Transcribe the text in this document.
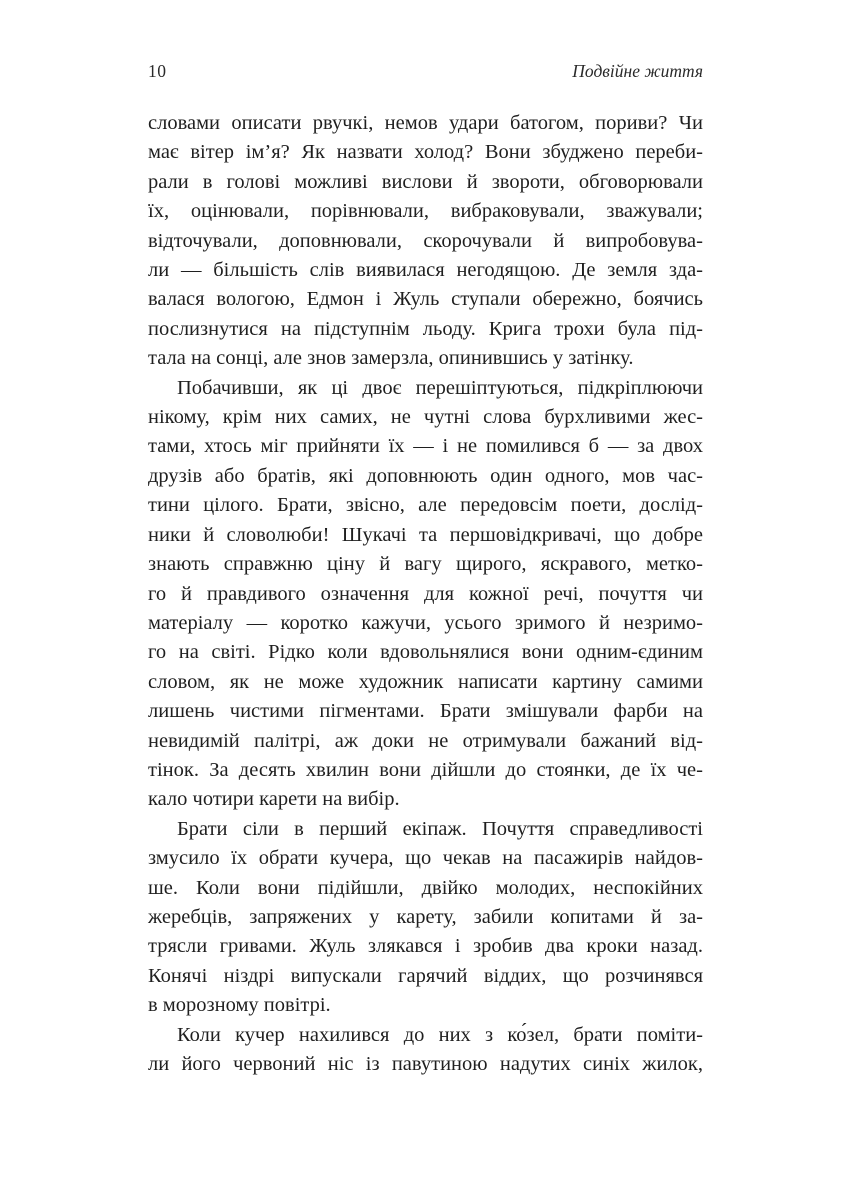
10	Подвійне життя
словами описати рвучкі, немов удари батогом, пориви? Чи
має вітер ім’я? Як назвати холод? Вони збуджено переби-
рали в голові можливі вислови й звороти, обговорювали
їх, оцінювали, порівнювали, вибраковували, зважували;
відточували, доповнювали, скорочували й випробовува-
ли — більшість слів виявилася негодящою. Де земля зда-
валася вологою, Едмон і Жуль ступали обережно, боячись
послизнутися на підступнім льоду. Крига трохи була під-
тала на сонці, але знов замерзла, опинившись у затінку.
Побачивши, як ці двоє перешіптуються, підкріплюючи
нікому, крім них самих, не чутні слова бурхливими жес-
тами, хтось міг прийняти їх — і не помилився б — за двох
друзів або братів, які доповнюють один одного, мов час-
тини цілого. Брати, звісно, але передовсім поети, дослід-
ники й словолюби! Шукачі та першовідкривачі, що добре
знають справжню ціну й вагу щирого, яскравого, метко-
го й правдивого означення для кожної речі, почуття чи
матеріалу — коротко кажучи, усього зримого й незримо-
го на світі. Рідко коли вдовольнялися вони одним-єдиним
словом, як не може художник написати картину самими
лишень чистими пігментами. Брати змішували фарби на
невидимій палітрі, аж доки не отримували бажаний від-
тінок. За десять хвилин вони дійшли до стоянки, де їх че-
кало чотири карети на вибір.
Брати сіли в перший екіпаж. Почуття справедливості
змусило їх обрати кучера, що чекав на пасажирів найдов-
ше. Коли вони підійшли, двійко молодих, неспокійних
жеребців, запряжених у карету, забили копитами й за-
трясли гривами. Жуль злякався і зробив два кроки назад.
Конячі ніздрі випускали гарячий віддих, що розчинявся
в морозному повітрі.
Коли кучер нахилився до них з ко́зел, брати поміти-
ли його червоний ніс із павутиною надутих синіх жилок,
